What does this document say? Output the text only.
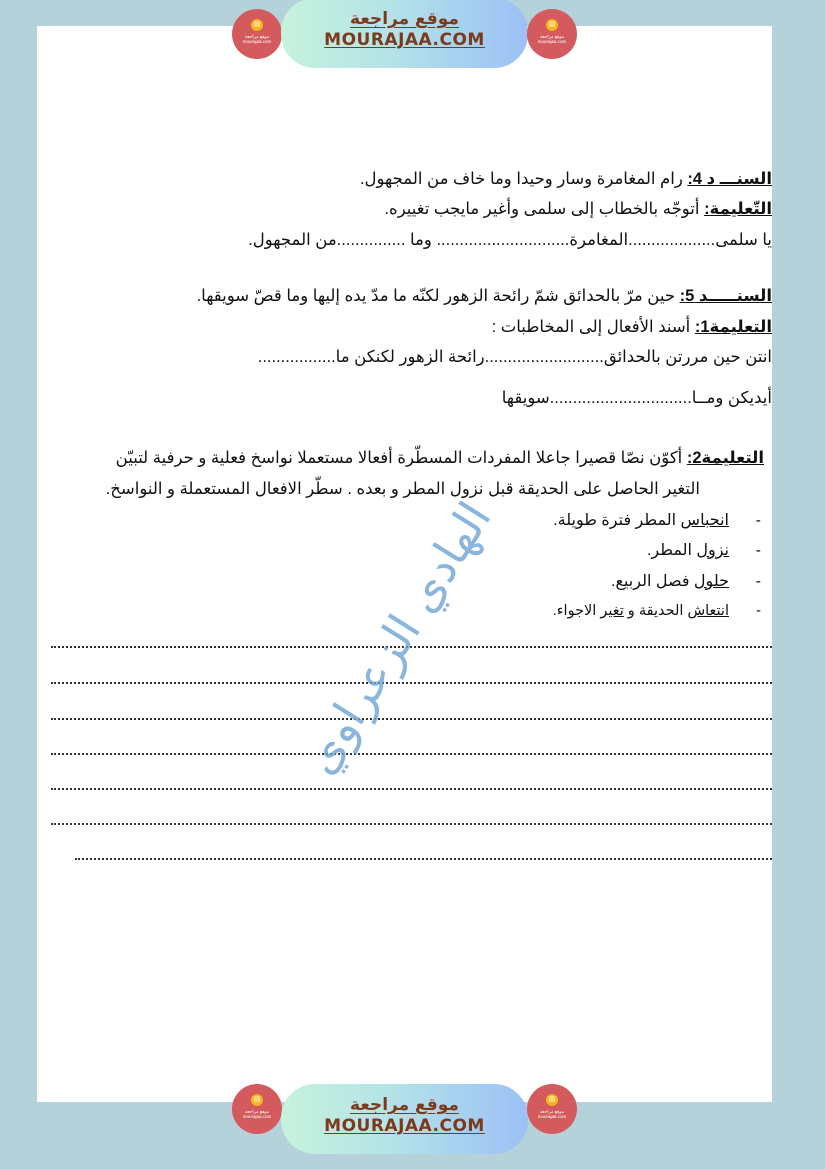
▤
موقع مراجعة
mourajaa.com
موقع مراجعة
MOURAJAA.COM
▤
موقع مراجعة
mourajaa.com
السنـــ د 4: رام المغامرة وسار وحيدا وما خاف من المجهول.
التّعليمة: أتوجّه بالخطاب إلى سلمى وأغير مايجب تغييره.
يا سلمى...................المغامرة............................. وما ...............من المجهول.
السنـــــد 5: حين مرّ بالحدائق شمّ رائحة الزهور لكنّه ما مدّ يده إليها وما قصّ سويقها.
التعليمة1: أسند الأفعال إلى المخاطبات :
انتن حين مررتن بالحدائق..........................رائحة الزهور لكنكن ما.................
أيديكن ومــا...............................سويقها
التعليمة2: أكوّن نصّا قصيرا جاعلا المفردات المسطّرة أفعالا مستعملا نواسخ فعلية و حرفية لتبيّن
التغير الحاصل على الحديقة قبل نزول المطر و بعده . سطّر الافعال المستعملة و النواسخ.
-
انحباس المطر فترة طويلة.
-
نزول المطر.
-
حلول فصل الربيع.
-
انتعاش الحديقة و تغير الاجواء.
الهادي الزعراوي
▤
موقع مراجعة
mourajaa.com
موقع مراجعة
MOURAJAA.COM
▤
موقع مراجعة
mourajaa.com
